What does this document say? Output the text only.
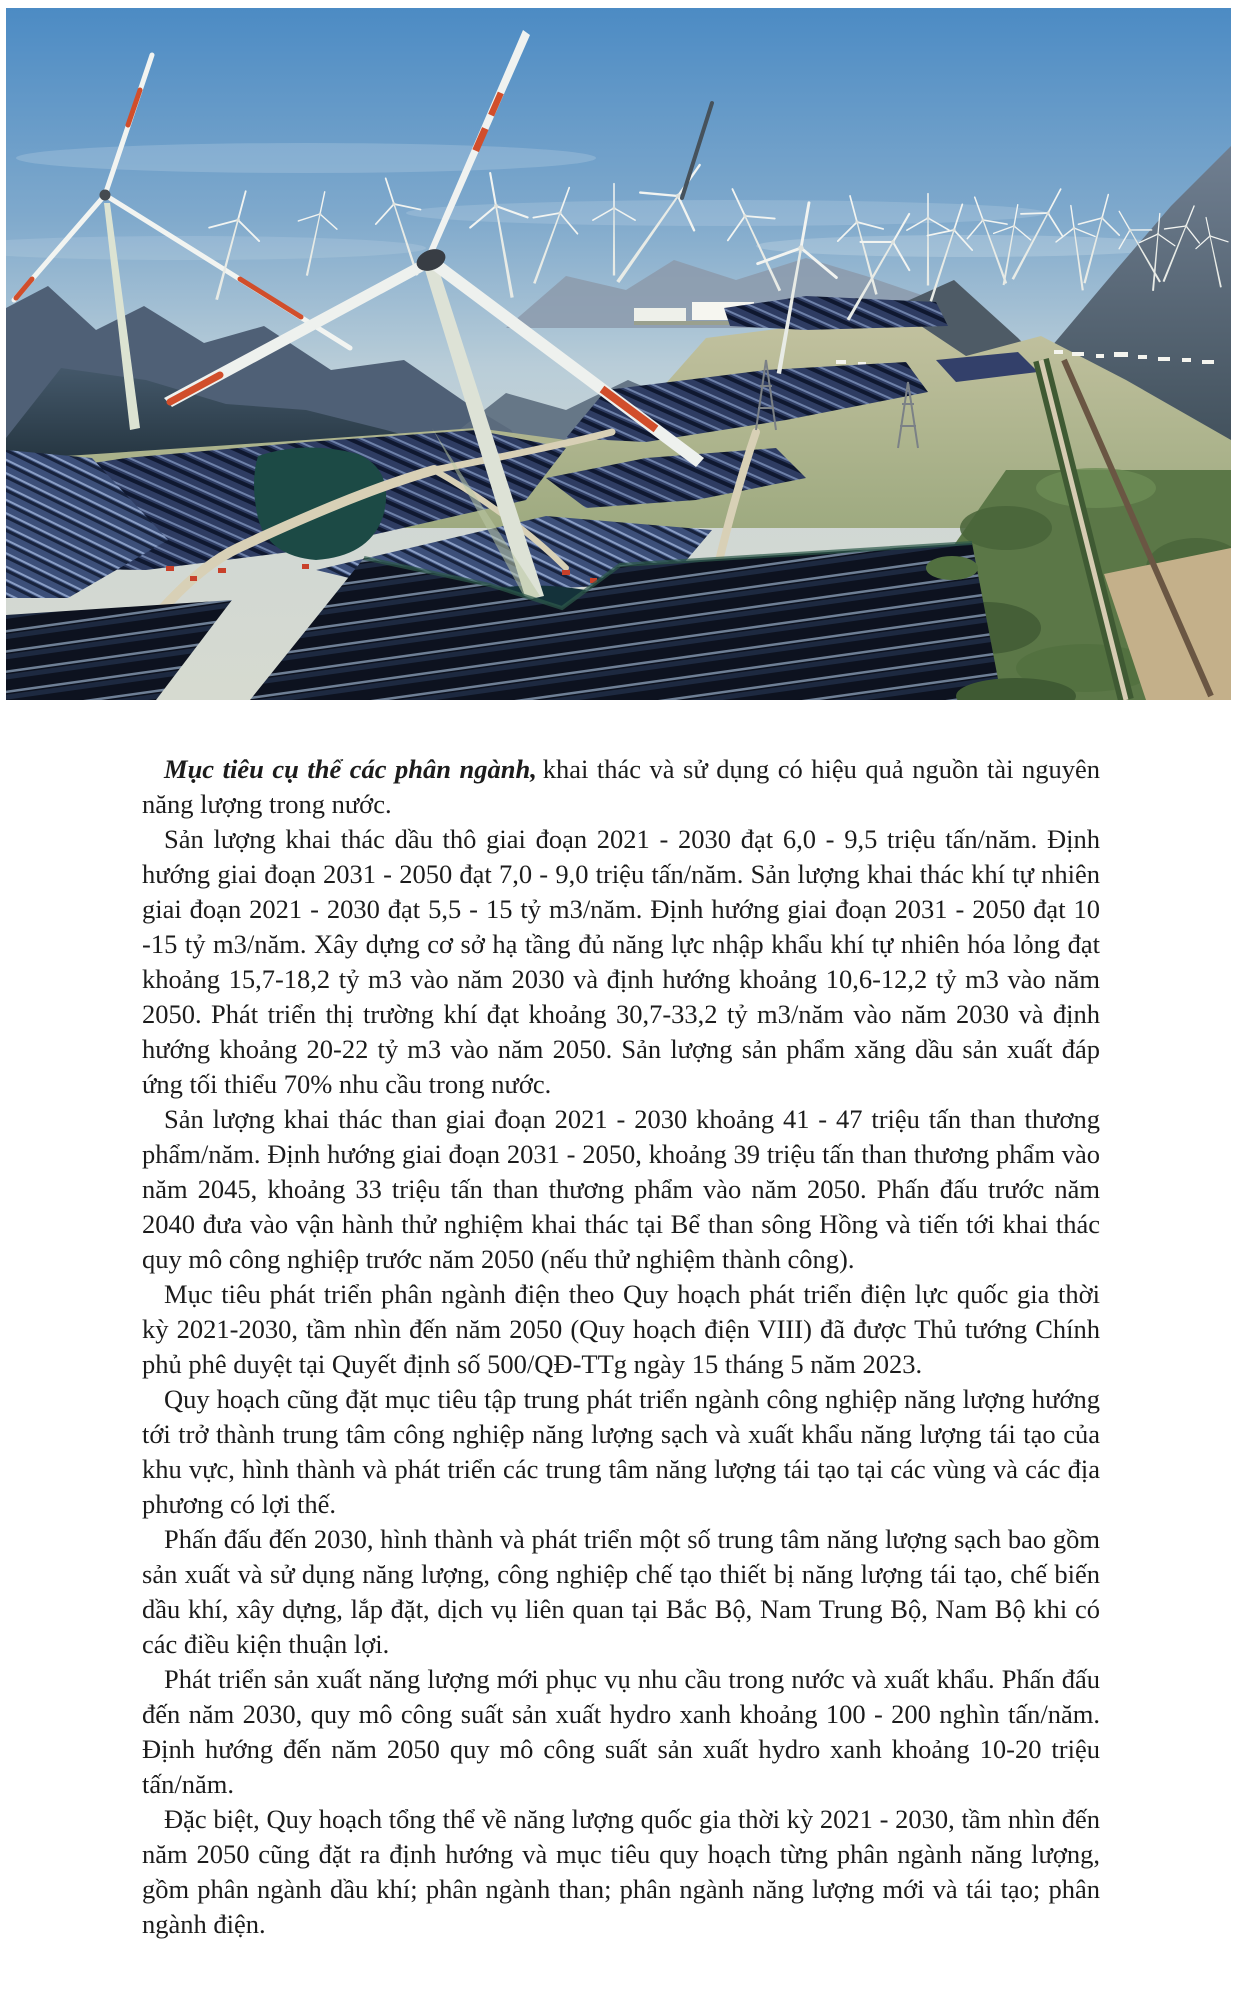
Mục tiêu cụ thể các phân ngành, khai thác và sử dụng có hiệu quả nguồn tài nguyên năng lượng trong nước.

Sản lượng khai thác dầu thô giai đoạn 2021 - 2030 đạt 6,0 - 9,5 triệu tấn/năm. Định hướng giai đoạn 2031 - 2050 đạt 7,0 - 9,0 triệu tấn/năm. Sản lượng khai thác khí tự nhiên giai đoạn 2021 - 2030 đạt 5,5 - 15 tỷ m3/năm. Định hướng giai đoạn 2031 - 2050 đạt 10 -15 tỷ m3/năm. Xây dựng cơ sở hạ tầng đủ năng lực nhập khẩu khí tự nhiên hóa lỏng đạt khoảng 15,7-18,2 tỷ m3 vào năm 2030 và định hướng khoảng 10,6-12,2 tỷ m3 vào năm 2050. Phát triển thị trường khí đạt khoảng 30,7-33,2 tỷ m3/năm vào năm 2030 và định hướng khoảng 20-22 tỷ m3 vào năm 2050. Sản lượng sản phẩm xăng dầu sản xuất đáp ứng tối thiểu 70% nhu cầu trong nước.

Sản lượng khai thác than giai đoạn 2021 - 2030 khoảng 41 - 47 triệu tấn than thương phẩm/năm. Định hướng giai đoạn 2031 - 2050, khoảng 39 triệu tấn than thương phẩm vào năm 2045, khoảng 33 triệu tấn than thương phẩm vào năm 2050. Phấn đấu trước năm 2040 đưa vào vận hành thử nghiệm khai thác tại Bể than sông Hồng và tiến tới khai thác quy mô công nghiệp trước năm 2050 (nếu thử nghiệm thành công).

Mục tiêu phát triển phân ngành điện theo Quy hoạch phát triển điện lực quốc gia thời kỳ 2021-2030, tầm nhìn đến năm 2050 (Quy hoạch điện VIII) đã được Thủ tướng Chính phủ phê duyệt tại Quyết định số 500/QĐ-TTg ngày 15 tháng 5 năm 2023.

Quy hoạch cũng đặt mục tiêu tập trung phát triển ngành công nghiệp năng lượng hướng tới trở thành trung tâm công nghiệp năng lượng sạch và xuất khẩu năng lượng tái tạo của khu vực, hình thành và phát triển các trung tâm năng lượng tái tạo tại các vùng và các địa phương có lợi thế.

Phấn đấu đến 2030, hình thành và phát triển một số trung tâm năng lượng sạch bao gồm sản xuất và sử dụng năng lượng, công nghiệp chế tạo thiết bị năng lượng tái tạo, chế biến dầu khí, xây dựng, lắp đặt, dịch vụ liên quan tại Bắc Bộ, Nam Trung Bộ, Nam Bộ khi có các điều kiện thuận lợi.

Phát triển sản xuất năng lượng mới phục vụ nhu cầu trong nước và xuất khẩu. Phấn đấu đến năm 2030, quy mô công suất sản xuất hydro xanh khoảng 100 - 200 nghìn tấn/năm. Định hướng đến năm 2050 quy mô công suất sản xuất hydro xanh khoảng 10-20 triệu tấn/năm.

Đặc biệt, Quy hoạch tổng thể về năng lượng quốc gia thời kỳ 2021 - 2030, tầm nhìn đến năm 2050 cũng đặt ra định hướng và mục tiêu quy hoạch từng phân ngành năng lượng, gồm phân ngành dầu khí; phân ngành than; phân ngành năng lượng mới và tái tạo; phân ngành điện.
